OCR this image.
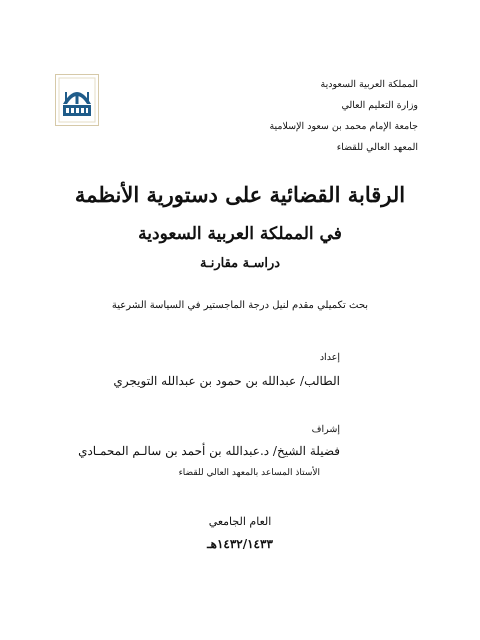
المملكة العربية السعودية
وزارة التعليم العالي
جامعة الإمام محمد بن سعود الإسلامية
المعهد العالي للقضاء
الرقابة القضائية على دستورية الأنظمة
في المملكة العربية السعودية
دراسـة مقارنـة
بحث تكميلي مقدم لنيل درجة الماجستير في السياسة الشرعية
إعداد
الطالب/ عبدالله بن حمود بن عبدالله التويجري
إشراف
فضيلة الشيخ/ د.عبدالله بن أحمد بن سالـم المحمـادي
الأستاذ المساعد بالمعهد العالي للقضاء
العام الجامعي
١٤٣٢/١٤٣٣هـ
